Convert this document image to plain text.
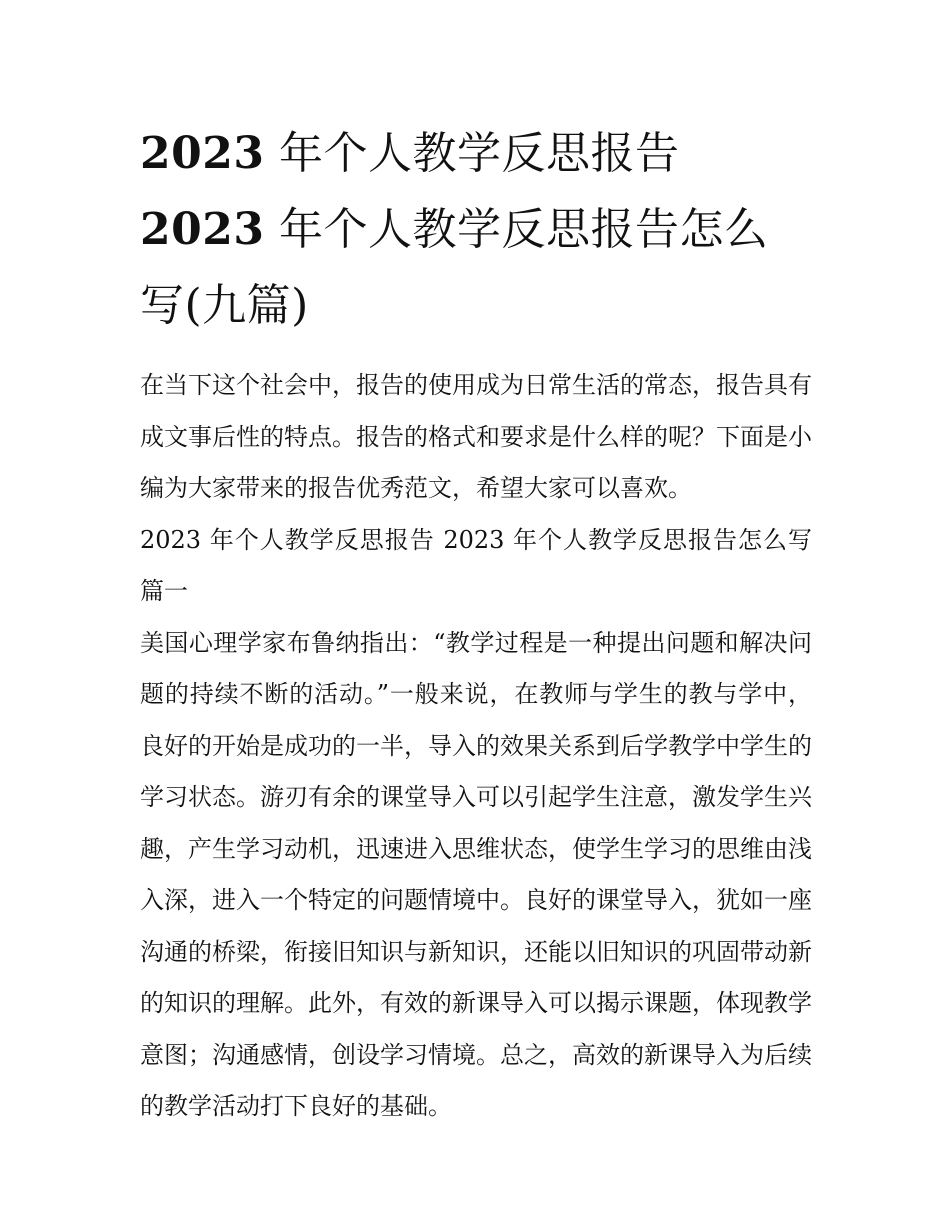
2023 年个人教学反思报告
2023 年个人教学反思报告怎么
写(九篇)

在当下这个社会中，报告的使用成为日常生活的常态，报告具有成文事后性的特点。报告的格式和要求是什么样的呢？下面是小编为大家带来的报告优秀范文，希望大家可以喜欢。

2023 年个人教学反思报告 2023 年个人教学反思报告怎么写篇一

美国心理学家布鲁纳指出：“教学过程是一种提出问题和解决问题的持续不断的活动。”一般来说，在教师与学生的教与学中，良好的开始是成功的一半，导入的效果关系到后学教学中学生的学习状态。游刃有余的课堂导入可以引起学生注意，激发学生兴趣，产生学习动机，迅速进入思维状态，使学生学习的思维由浅入深，进入一个特定的问题情境中。良好的课堂导入，犹如一座沟通的桥梁，衔接旧知识与新知识，还能以旧知识的巩固带动新的知识的理解。此外，有效的新课导入可以揭示课题，体现教学意图；沟通感情，创设学习情境。总之，高效的新课导入为后续的教学活动打下良好的基础。
